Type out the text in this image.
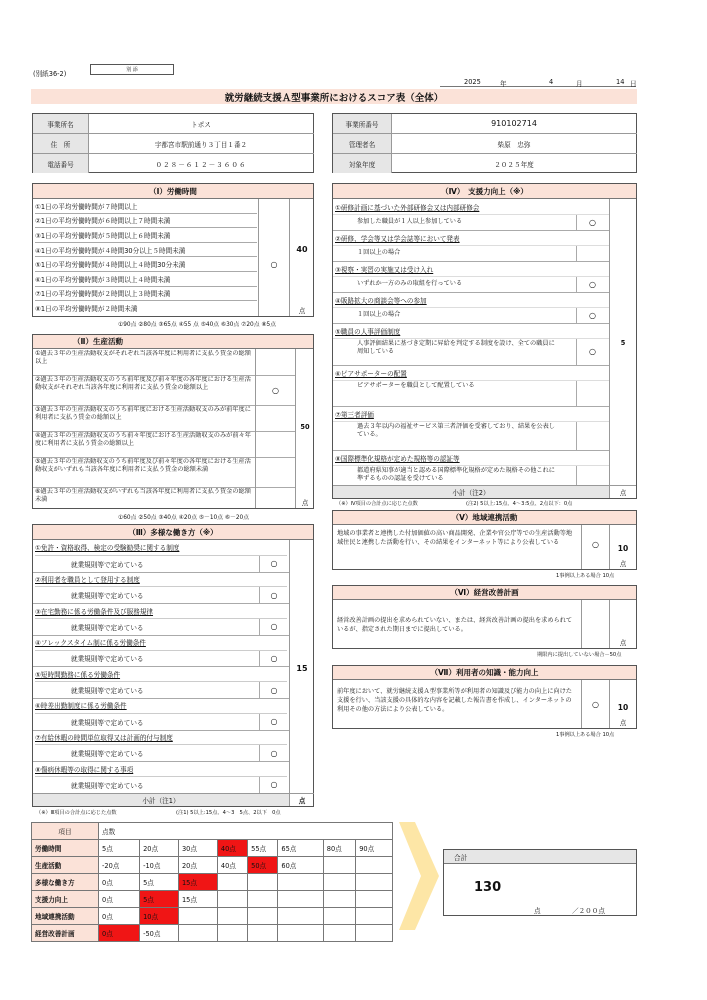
(別紙36-2)	別 添
2025	年	4	月	14 日
就労継続支援Ａ型事業所におけるスコア表（全体）
事業所名	トポス
住　所	宇都宮市駅前通り３丁目１番２
電話番号	０２８－６１２－３６０６
事業所番号	910102714
管理者名	柴原　忠弥
対象年度	２０２５年度
（Ⅰ）労働時間
①1日の平均労働時間が７時間以上
②1日の平均労働時間が６時間以上７時間未満
③1日の平均労働時間が５時間以上６時間未満
④1日の平均労働時間が４時間30分以上５時間未満
⑤1日の平均労働時間が４時間以上４時間30分未満	○
⑥1日の平均労働時間が３時間以上４時間未満
⑦1日の平均労働時間が２時間以上３時間未満
⑧1日の平均労働時間が２時間未満
40
点
①90点 ②80点 ③65点 ④55 点 ⑤40点 ⑥30点 ⑦20点 ⑧5点
（Ⅱ）生産活動
①過去３年の生産活動収支がそれぞれ当該各年度に利用者に支払う賃金の総額以上
②過去３年の生産活動収支のうち前年度及び前々年度の各年度における生産活動収支がそれぞれ当該各年度に利用者に支払う賃金の総額以上	○
③過去３年の生産活動収支のうち前年度における生産活動収支のみが前年度に利用者に支払う賃金の総額以上
④過去３年の生産活動収支のうち前々年度における生産活動収支のみが前々年度に利用者に支払う賃金の総額以上
⑤過去３年の生産活動収支のうち前年度及び前々年度の各年度における生産活動収支がいずれも当該各年度に利用者に支払う賃金の総額未満
⑥過去３年の生産活動収支がいずれも当該各年度に利用者に支払う賃金の総額未満
50
点
①60点 ②50点 ③40点 ④20点 ⑤－10点 ⑥－20点
（Ⅲ）多様な働き方（※）
①免許・資格取得、検定の受験勧奨に関する制度
就業規則等で定めている	○
②利用者を職員として登用する制度
就業規則等で定めている	○
③在宅勤務に係る労働条件及び服務規律
就業規則等で定めている	○
④フレックスタイム制に係る労働条件
就業規則等で定めている	○
⑤短時間勤務に係る労働条件
就業規則等で定めている	○
⑥時差出勤制度に係る労働条件
就業規則等で定めている	○
⑦有給休暇の時間単位取得又は計画的付与制度
就業規則等で定めている	○
⑧傷病休暇等の取得に関する事項
就業規則等で定めている	○
15
小計（注1）	点
（※）Ⅲ項目の合計点に応じた点数	(注1) 5以上:15点、4～3　5点、2以下　0点
（Ⅳ）　支援力向上（※）
①研修計画に基づいた外部研修会又は内部研修会
参加した職員が１人以上参加している	○
②研修、学会等又は学会誌等において発表
１回以上の場合
③視察・実習の実施又は受け入れ
いずれか一方のみの取組を行っている	○
④販路拡大の商談会等への参加
１回以上の場合	○
⑤職員の人事評価制度
人事評価結果に基づき定期に昇給を判定する制度を設け、全ての職員に周知している	○
⑥ピアサポーターの配置
ピアサポーターを職員として配置している
⑦第三者評価
過去３年以内の福祉サービス第三者評価を受審しており、結果を公表している。
⑧国際標準化規格が定めた規格等の認証等
都道府県知事が適当と認める国際標準化規格が定めた規格その他これに準ずるものの認証を受けている
5
小計（注2）	点
（※）Ⅳ項目の合計点に応じた点数	(注2) 5以上:15点、4～3:5点、2点以下：0点
（Ⅴ）地域連携活動
地域の事業者と連携した付加価値の高い商品開発、企業や官公庁等での生産活動等地域住民と連携した活動を行い、その結果をインターネット等により公表している	○	10
点
1事例以上ある場合 10点
（Ⅵ）経営改善計画
経営改善計画の提出を求められていない、または、経営改善計画の提出を求められているが、指定された期日までに提出している。
点
期限内に提出していない場合－50点
（Ⅶ）利用者の知識・能力向上
前年度において、就労継続支援Ａ型事業所等が利用者の知識及び能力の向上に向けた支援を行い、当該支援の具体的な内容を記載した報告書を作成し、インターネットの利用その他の方法により公表している。
○	10
点
1事例以上ある場合 10点
項目	点数							
労働時間	5点	20点	30点	40点	55点	65点	80点	90点
生産活動	-20点	-10点	20点	40点	50点	60点		
多様な働き方	0点	5点	15点					
支援力向上	0点	5点	15点					
地域連携活動	0点	10点						
経営改善計画	0点	-50点						
合計
130
点	／２００点
